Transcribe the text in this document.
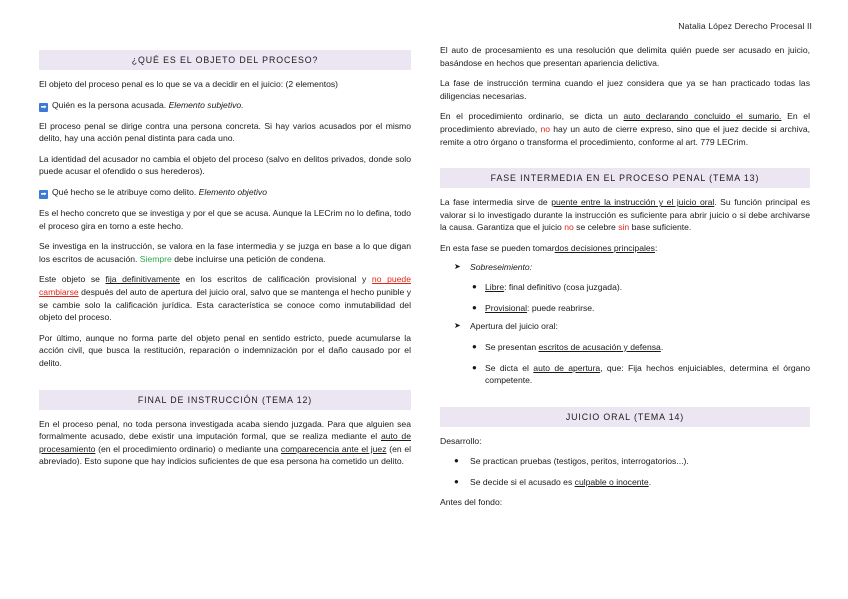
Natalia López Derecho Procesal II
¿QUÉ ES EL OBJETO DEL PROCESO?

El objeto del proceso penal es lo que se va a decidir en el juicio: (2 elementos)

➡ Quién es la persona acusada. Elemento subjetivo.

El proceso penal se dirige contra una persona concreta. Si hay varios acusados por el mismo delito, hay una acción penal distinta para cada uno.

La identidad del acusador no cambia el objeto del proceso (salvo en delitos privados, donde solo puede acusar el ofendido o sus herederos).

➡ Qué hecho se le atribuye como delito. Elemento objetivo

Es el hecho concreto que se investiga y por el que se acusa. Aunque la LECrim no lo defina, todo el proceso gira en torno a este hecho.

Se investiga en la instrucción, se valora en la fase intermedia y se juzga en base a lo que digan los escritos de acusación. Siempre debe incluirse una petición de condena.

Este objeto se fija definitivamente en los escritos de calificación provisional y no puede cambiarse después del auto de apertura del juicio oral, salvo que se mantenga el hecho punible y se cambie solo la calificación jurídica. Esta característica se conoce como inmutabilidad del objeto del proceso.

Por último, aunque no forma parte del objeto penal en sentido estricto, puede acumularse la acción civil, que busca la restitución, reparación o indemnización por el daño causado por el delito.

FINAL DE INSTRUCCIÓN (TEMA 12)

En el proceso penal, no toda persona investigada acaba siendo juzgada. Para que alguien sea formalmente acusado, debe existir una imputación formal, que se realiza mediante el auto de procesamiento (en el procedimiento ordinario) o mediante una comparecencia ante el juez (en el abreviado). Esto supone que hay indicios suficientes de que esa persona ha cometido un delito.

El auto de procesamiento es una resolución que delimita quién puede ser acusado en juicio, basándose en hechos que presentan apariencia delictiva.

La fase de instrucción termina cuando el juez considera que ya se han practicado todas las diligencias necesarias.

En el procedimiento ordinario, se dicta un auto declarando concluido el sumario. En el procedimiento abreviado, no hay un auto de cierre expreso, sino que el juez decide si archiva, remite a otro órgano o transforma el procedimiento, conforme al art. 779 LECrim.

FASE INTERMEDIA EN EL PROCESO PENAL (TEMA 13)

La fase intermedia sirve de puente entre la instrucción y el juicio oral. Su función principal es valorar si lo investigado durante la instrucción es suficiente para abrir juicio o si debe archivarse la causa. Garantiza que el juicio no se celebre sin base suficiente.

En esta fase se pueden tomardos decisiones principales:

➤ Sobreseimiento:
● Libre: final definitivo (cosa juzgada).
● Provisional: puede reabrirse.
➤ Apertura del juicio oral:
● Se presentan escritos de acusación y defensa.
● Se dicta el auto de apertura, que: Fija hechos enjuiciables, determina el órgano competente.
JUICIO ORAL (TEMA 14)

Desarrollo:

● Se practican pruebas (testigos, peritos, interrogatorios...).
● Se decide si el acusado es culpable o inocente.

Antes del fondo:
